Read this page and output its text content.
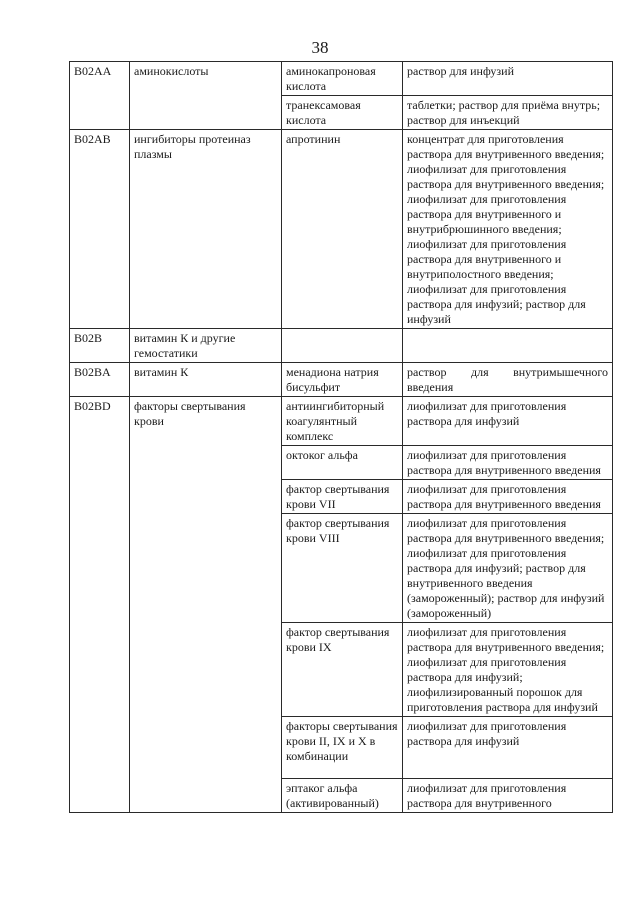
38
B02AA	аминокислоты	аминокапроновая кислота	раствор для инфузий
		транексамовая кислота	таблетки; раствор для приёма внутрь; раствор для инъекций
B02AB	ингибиторы протеиназ плазмы	апротинин	концентрат для приготовления раствора для внутривенного введения; лиофилизат для приготовления раствора для внутривенного введения; лиофилизат для приготовления раствора для внутривенного и внутрибрюшинного введения; лиофилизат для приготовления раствора для внутривенного и внутриполостного введения; лиофилизат для приготовления раствора для инфузий; раствор для инфузий
B02B	витамин К и другие гемостатики		
B02BA	витамин К	менадиона натрия бисульфит	раствор для внутримышечного введения
B02BD	факторы свертывания крови	антиингибиторный коагулянтный комплекс	лиофилизат для приготовления раствора для инфузий
		октоког альфа	лиофилизат для приготовления раствора для внутривенного введения
		фактор свертывания крови VII	лиофилизат для приготовления раствора для внутривенного введения
		фактор свертывания крови VIII	лиофилизат для приготовления раствора для внутривенного введения; лиофилизат для приготовления раствора для инфузий; раствор для внутривенного введения (замороженный); раствор для инфузий (замороженный)
		фактор свертывания крови IX	лиофилизат для приготовления раствора для внутривенного введения; лиофилизат для приготовления раствора для инфузий; лиофилизированный порошок для приготовления раствора для инфузий
		факторы свертывания крови II, IX и X в комбинации	лиофилизат для приготовления раствора для инфузий
		эптаког альфа (активированный)	лиофилизат для приготовления раствора для внутривенного
